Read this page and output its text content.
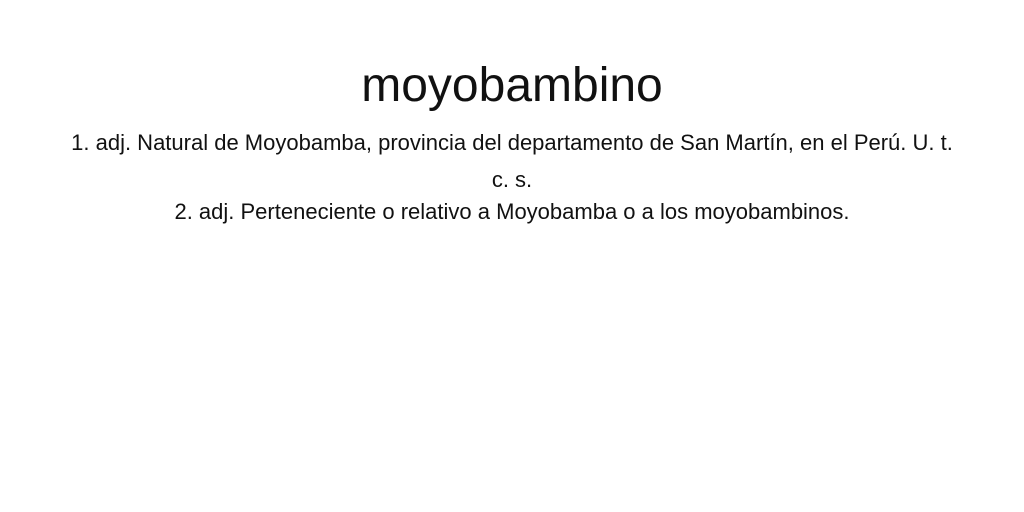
moyobambino
1. adj. Natural de Moyobamba, provincia del departamento de San Martín, en el Perú. U. t. c. s.
2. adj. Perteneciente o relativo a Moyobamba o a los moyobambinos.
